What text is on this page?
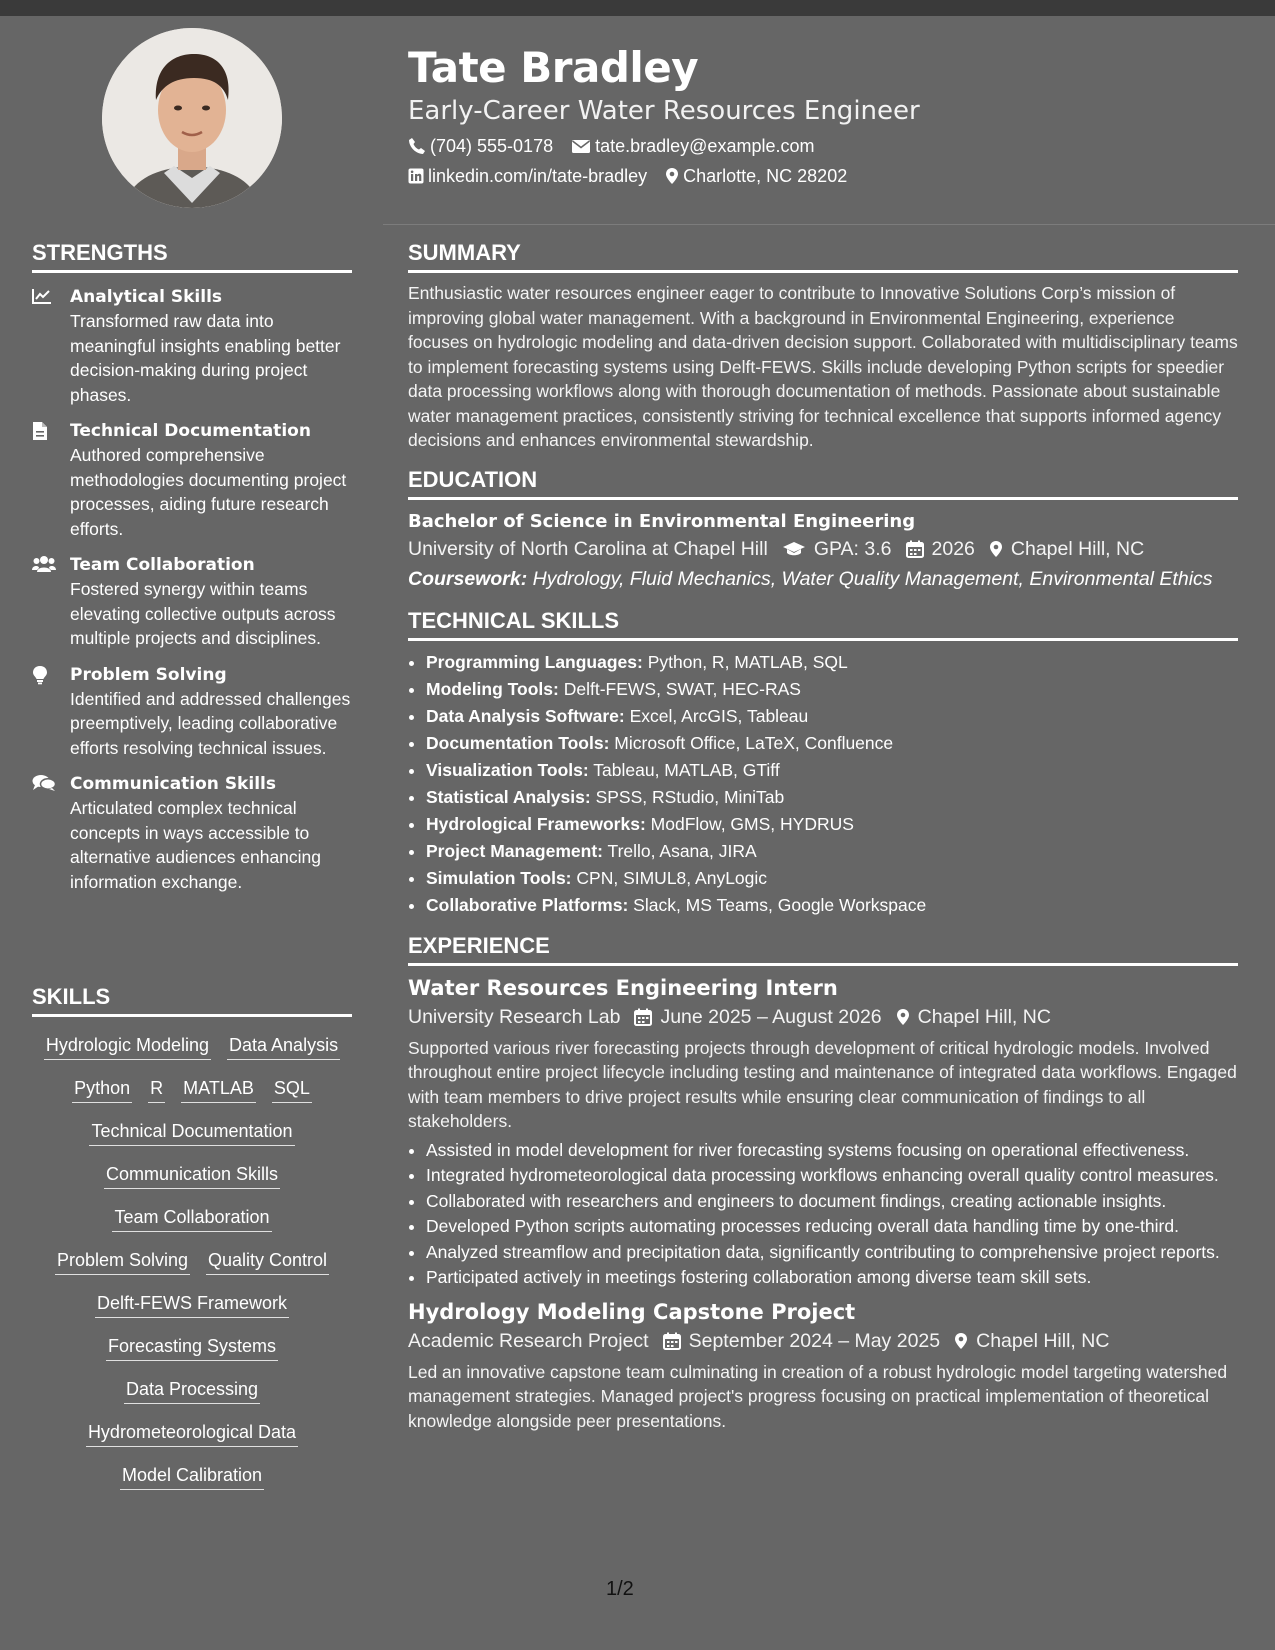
STRENGTHS
Analytical Skills
Transformed raw data into meaningful insights enabling better decision-making during project phases.
Technical Documentation
Authored comprehensive methodologies documenting project processes, aiding future research efforts.
Team Collaboration
Fostered synergy within teams elevating collective outputs across multiple projects and disciplines.
Problem Solving
Identified and addressed challenges preemptively, leading collaborative efforts resolving technical issues.
Communication Skills
Articulated complex technical concepts in ways accessible to alternative audiences enhancing information exchange.
SKILLS
Hydrologic Modeling Data Analysis
Python R MATLAB SQL
Technical Documentation
Communication Skills
Team Collaboration
Problem Solving Quality Control
Delft-FEWS Framework
Forecasting Systems
Data Processing
Hydrometeorological Data
Model Calibration
Tate Bradley
Early-Career Water Resources Engineer
(704) 555-0178 tate.bradley@example.com
linkedin.com/in/tate-bradley Charlotte, NC 28202
SUMMARY
Enthusiastic water resources engineer eager to contribute to Innovative Solutions Corp’s mission of improving global water management. With a background in Environmental Engineering, experience focuses on hydrologic modeling and data-driven decision support. Collaborated with multidisciplinary teams to implement forecasting systems using Delft-FEWS. Skills include developing Python scripts for speedier data processing workflows along with thorough documentation of methods. Passionate about sustainable water management practices, consistently striving for technical excellence that supports informed agency decisions and enhances environmental stewardship.
EDUCATION
Bachelor of Science in Environmental Engineering
University of North Carolina at Chapel Hill GPA: 3.6 2026 Chapel Hill, NC
Coursework: Hydrology, Fluid Mechanics, Water Quality Management, Environmental Ethics
TECHNICAL SKILLS
• Programming Languages: Python, R, MATLAB, SQL
• Modeling Tools: Delft-FEWS, SWAT, HEC-RAS
• Data Analysis Software: Excel, ArcGIS, Tableau
• Documentation Tools: Microsoft Office, LaTeX, Confluence
• Visualization Tools: Tableau, MATLAB, GTiff
• Statistical Analysis: SPSS, RStudio, MiniTab
• Hydrological Frameworks: ModFlow, GMS, HYDRUS
• Project Management: Trello, Asana, JIRA
• Simulation Tools: CPN, SIMUL8, AnyLogic
• Collaborative Platforms: Slack, MS Teams, Google Workspace
EXPERIENCE
Water Resources Engineering Intern
University Research Lab June 2025 – August 2026 Chapel Hill, NC
Supported various river forecasting projects through development of critical hydrologic models. Involved throughout entire project lifecycle including testing and maintenance of integrated data workflows. Engaged with team members to drive project results while ensuring clear communication of findings to all stakeholders.
• Assisted in model development for river forecasting systems focusing on operational effectiveness.
• Integrated hydrometeorological data processing workflows enhancing overall quality control measures.
• Collaborated with researchers and engineers to document findings, creating actionable insights.
• Developed Python scripts automating processes reducing overall data handling time by one-third.
• Analyzed streamflow and precipitation data, significantly contributing to comprehensive project reports.
• Participated actively in meetings fostering collaboration among diverse team skill sets.
Hydrology Modeling Capstone Project
Academic Research Project September 2024 – May 2025 Chapel Hill, NC
Led an innovative capstone team culminating in creation of a robust hydrologic model targeting watershed management strategies. Managed project's progress focusing on practical implementation of theoretical knowledge alongside peer presentations.
1/2
